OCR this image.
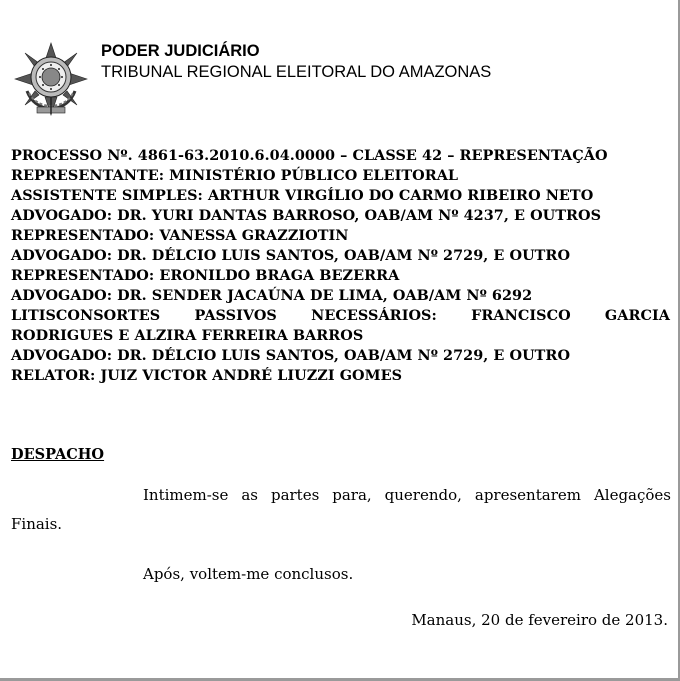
PODER JUDICIÁRIO
TRIBUNAL REGIONAL ELEITORAL DO AMAZONAS
PROCESSO Nº. 4861-63.2010.6.04.0000 – CLASSE 42 – REPRESENTAÇÃO
REPRESENTANTE: MINISTÉRIO PÚBLICO ELEITORAL
ASSISTENTE SIMPLES: ARTHUR VIRGÍLIO DO CARMO RIBEIRO NETO
ADVOGADO: DR. YURI DANTAS BARROSO, OAB/AM Nº 4237, E OUTROS
REPRESENTADO: VANESSA GRAZZIOTIN
ADVOGADO: DR. DÉLCIO LUIS SANTOS, OAB/AM Nº 2729, E OUTRO
REPRESENTADO: ERONILDO BRAGA BEZERRA
ADVOGADO: DR. SENDER JACAÚNA DE LIMA, OAB/AM Nº 6292
LITISCONSORTES PASSIVOS NECESSÁRIOS: FRANCISCO GARCIA
RODRIGUES E ALZIRA FERREIRA BARROS
ADVOGADO: DR. DÉLCIO LUIS SANTOS, OAB/AM Nº 2729, E OUTRO
RELATOR: JUIZ VICTOR ANDRÉ LIUZZI GOMES
DESPACHO
Intimem-se as partes para, querendo, apresentarem Alegações
Finais.
Após, voltem-me conclusos.
Manaus, 20 de fevereiro de 2013.
